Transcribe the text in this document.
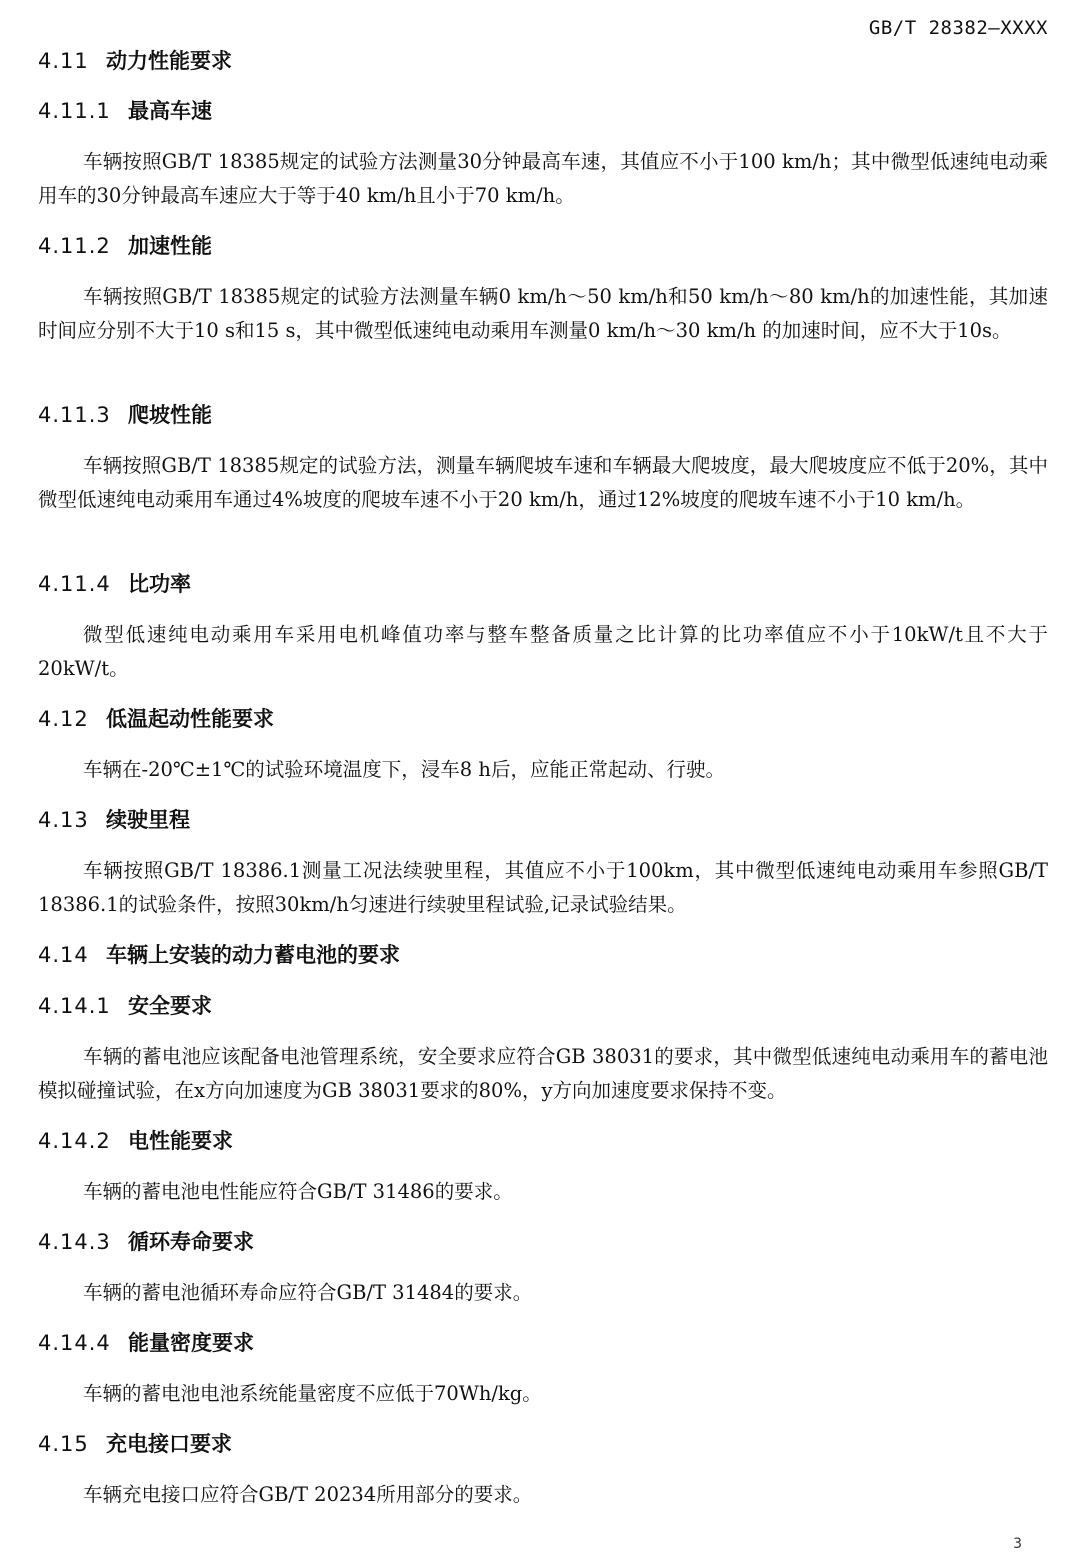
GB/T 28382—XXXX
4.11 动力性能要求
4.11.1 最高车速

车辆按照GB/T 18385规定的试验方法测量30分钟最高车速，其值应不小于100 km/h；其中微型低速纯电动乘用车的30分钟最高车速应大于等于40 km/h且小于70 km/h。

4.11.2 加速性能

车辆按照GB/T 18385规定的试验方法测量车辆0 km/h～50 km/h和50 km/h～80 km/h的加速性能，其加速时间应分别不大于10 s和15 s，其中微型低速纯电动乘用车测量0 km/h～30 km/h 的加速时间，应不大于10s。

4.11.3 爬坡性能

车辆按照GB/T 18385规定的试验方法，测量车辆爬坡车速和车辆最大爬坡度，最大爬坡度应不低于20%，其中微型低速纯电动乘用车通过4%坡度的爬坡车速不小于20 km/h，通过12%坡度的爬坡车速不小于10 km/h。

4.11.4 比功率

微型低速纯电动乘用车采用电机峰值功率与整车整备质量之比计算的比功率值应不小于10kW/t且不大于20kW/t。

4.12 低温起动性能要求

车辆在-20℃±1℃的试验环境温度下，浸车8 h后，应能正常起动、行驶。

4.13 续驶里程

车辆按照GB/T 18386.1测量工况法续驶里程，其值应不小于100km，其中微型低速纯电动乘用车参照GB/T 18386.1的试验条件，按照30km/h匀速进行续驶里程试验,记录试验结果。

4.14 车辆上安装的动力蓄电池的要求
4.14.1 安全要求

车辆的蓄电池应该配备电池管理系统，安全要求应符合GB 38031的要求，其中微型低速纯电动乘用车的蓄电池模拟碰撞试验，在x方向加速度为GB 38031要求的80%，y方向加速度要求保持不变。

4.14.2 电性能要求

车辆的蓄电池电性能应符合GB/T 31486的要求。

4.14.3 循环寿命要求

车辆的蓄电池循环寿命应符合GB/T 31484的要求。

4.14.4 能量密度要求

车辆的蓄电池电池系统能量密度不应低于70Wh/kg。

4.15 充电接口要求

车辆充电接口应符合GB/T 20234所用部分的要求。

3
